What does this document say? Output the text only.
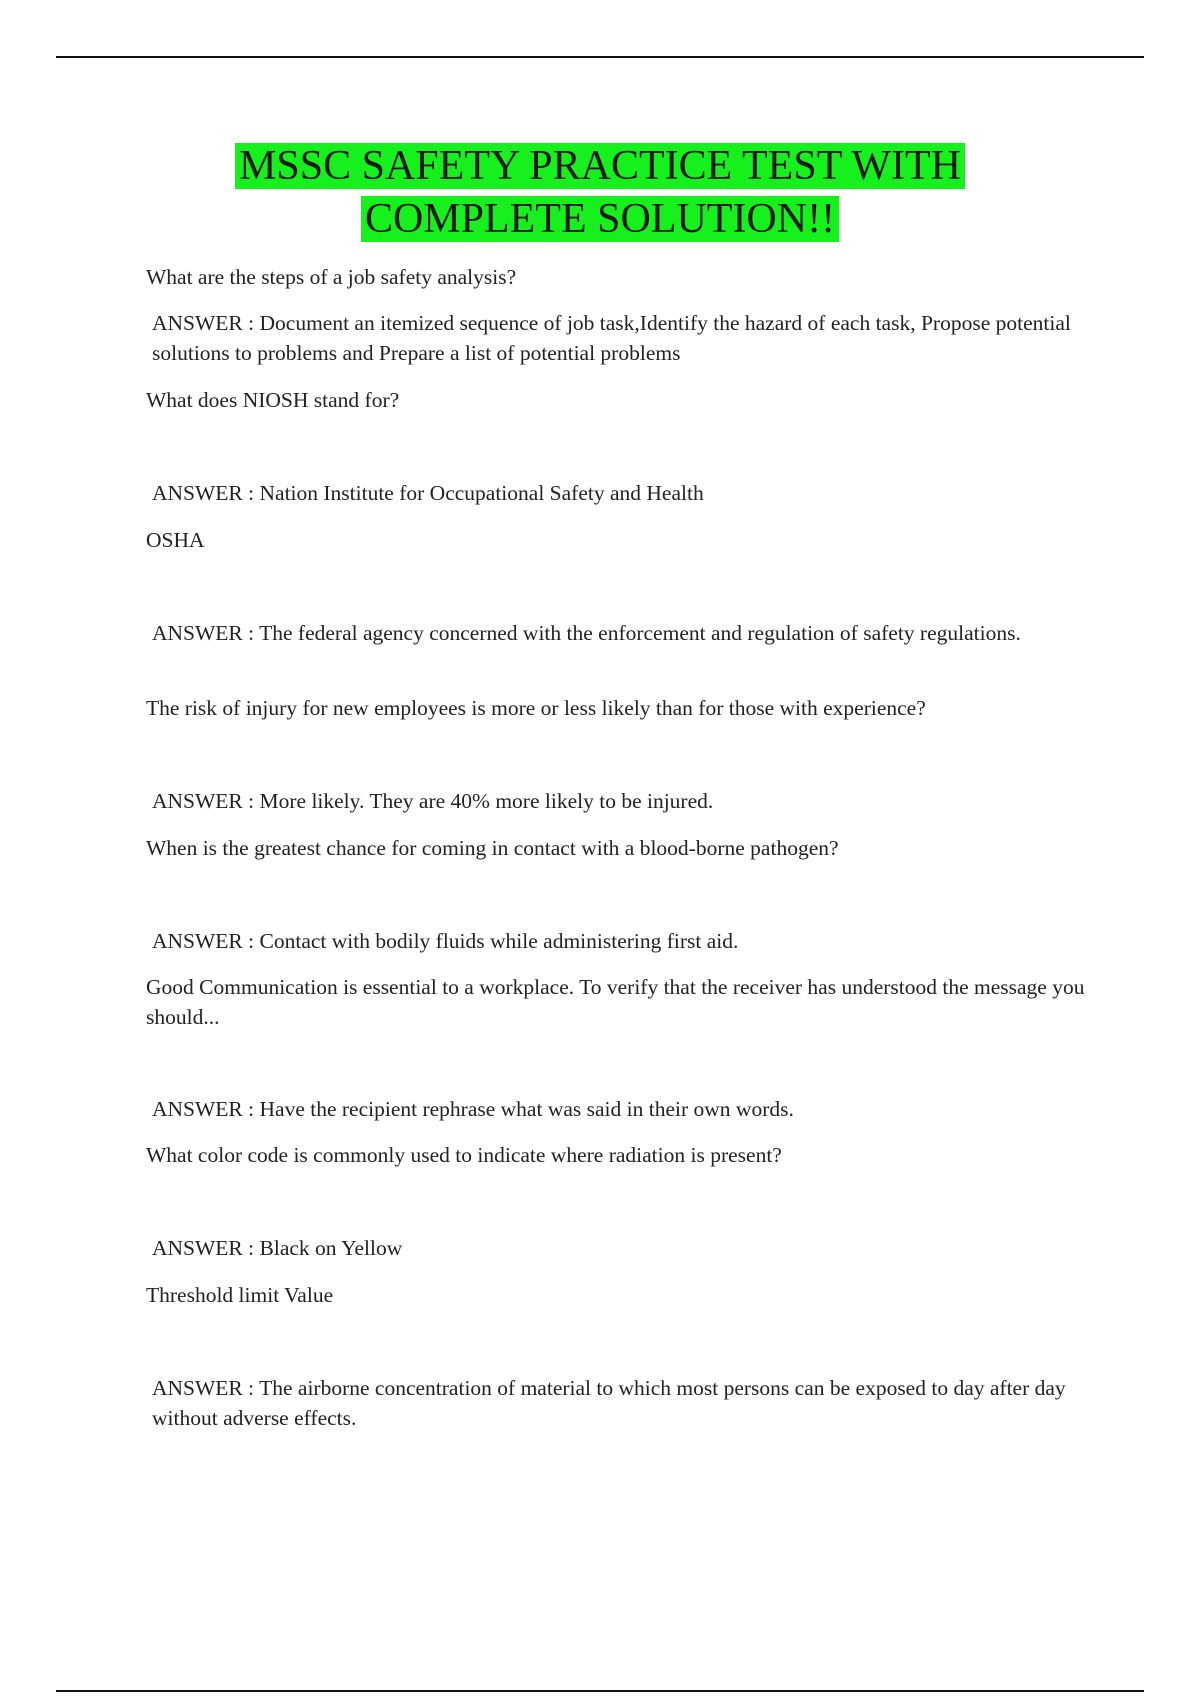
MSSC SAFETY PRACTICE TEST WITH
COMPLETE SOLUTION!!
What are the steps of a job safety analysis?
ANSWER : Document an itemized sequence of job task,Identify the hazard of each task, Propose potential solutions to problems and Prepare a list of potential problems
What does NIOSH stand for?
ANSWER : Nation Institute for Occupational Safety and Health
OSHA
ANSWER : The federal agency concerned with the enforcement and regulation of safety regulations.
The risk of injury for new employees is more or less likely than for those with experience?
ANSWER : More likely. They are 40% more likely to be injured.
When is the greatest chance for coming in contact with a blood-borne pathogen?
ANSWER : Contact with bodily fluids while administering first aid.
Good Communication is essential to a workplace. To verify that the receiver has understood the message you should...
ANSWER : Have the recipient rephrase what was said in their own words.
What color code is commonly used to indicate where radiation is present?
ANSWER : Black on Yellow
Threshold limit Value
ANSWER : The airborne concentration of material to which most persons can be exposed to day after day without adverse effects.
